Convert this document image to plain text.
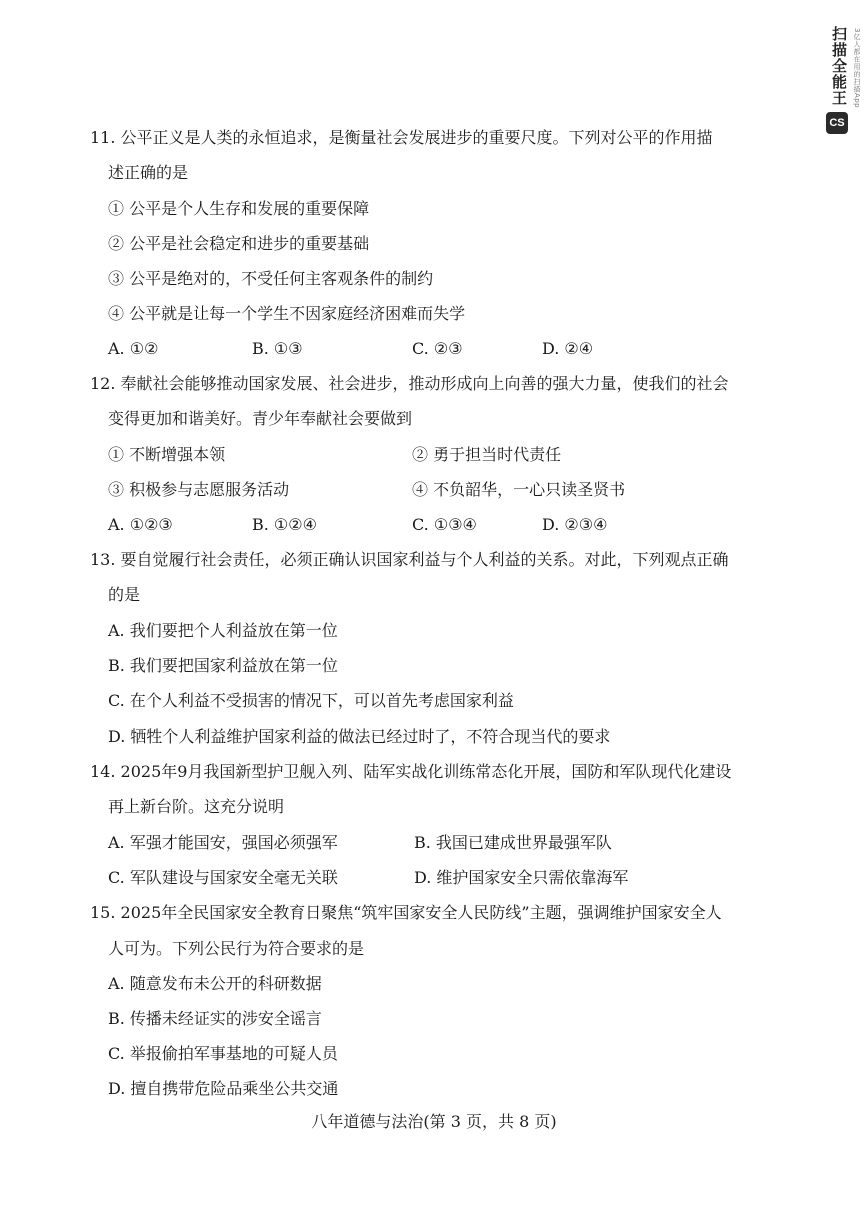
3亿人都在用的扫描App
扫描全能王
CS
11. 公平正义是人类的永恒追求，是衡量社会发展进步的重要尺度。下列对公平的作用描
述正确的是
① 公平是个人生存和发展的重要保障
② 公平是社会稳定和进步的重要基础
③ 公平是绝对的，不受任何主客观条件的制约
④ 公平就是让每一个学生不因家庭经济困难而失学
A. ①②	B. ①③	C. ②③	D. ②④
12. 奉献社会能够推动国家发展、社会进步，推动形成向上向善的强大力量，使我们的社会
变得更加和谐美好。青少年奉献社会要做到
① 不断增强本领	② 勇于担当时代责任
③ 积极参与志愿服务活动	④ 不负韶华，一心只读圣贤书
A. ①②③	B. ①②④	C. ①③④	D. ②③④
13. 要自觉履行社会责任，必须正确认识国家利益与个人利益的关系。对此，下列观点正确
的是
A. 我们要把个人利益放在第一位
B. 我们要把国家利益放在第一位
C. 在个人利益不受损害的情况下，可以首先考虑国家利益
D. 牺牲个人利益维护国家利益的做法已经过时了，不符合现当代的要求
14. 2025年9月我国新型护卫舰入列、陆军实战化训练常态化开展，国防和军队现代化建设
再上新台阶。这充分说明
A. 军强才能国安，强国必须强军	B. 我国已建成世界最强军队
C. 军队建设与国家安全毫无关联	D. 维护国家安全只需依靠海军
15. 2025年全民国家安全教育日聚焦“筑牢国家安全人民防线”主题，强调维护国家安全人
人可为。下列公民行为符合要求的是
A. 随意发布未公开的科研数据
B. 传播未经证实的涉安全谣言
C. 举报偷拍军事基地的可疑人员
D. 擅自携带危险品乘坐公共交通
八年道德与法治(第 3 页，共 8 页)
